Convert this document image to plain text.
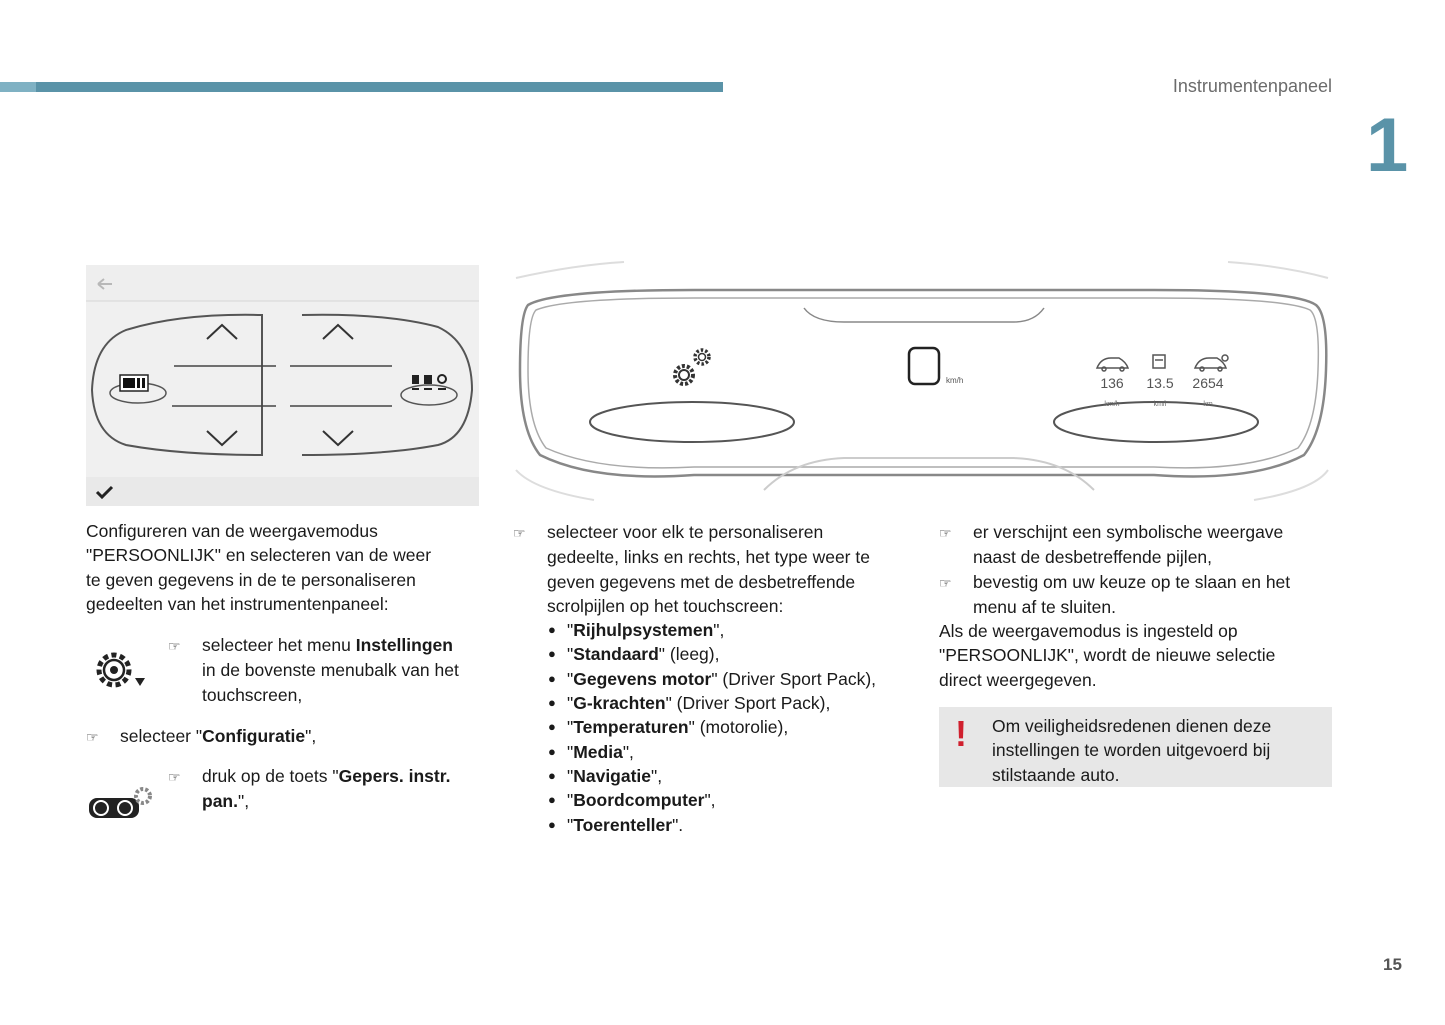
Instrumentenpaneel
1
km/h	136 13.5 2654
km/h	km/l	km
Configureren van de weergavemodus
"PERSOONLIJK" en selecteren van de weer
te geven gegevens in de te personaliseren
gedeelten van het instrumentenpaneel:
☞ selecteer het menu Instellingen
in de bovenste menubalk van het
touchscreen,
☞ selecteer "Configuratie",
☞ druk op de toets "Gepers. instr.
pan.",
☞ selecteer voor elk te personaliseren
gedeelte, links en rechts, het type weer te
geven gegevens met de desbetreffende
scrolpijlen op het touchscreen:
● "Rijhulpsystemen",
● "Standaard" (leeg),
● "Gegevens motor" (Driver Sport Pack),
● "G-krachten" (Driver Sport Pack),
● "Temperaturen" (motorolie),
● "Media",
● "Navigatie",
● "Boordcomputer",
● "Toerenteller".
☞ er verschijnt een symbolische weergave
naast de desbetreffende pijlen,
☞ bevestig om uw keuze op te slaan en het
menu af te sluiten.
Als de weergavemodus is ingesteld op
"PERSOONLIJK", wordt de nieuwe selectie
direct weergegeven.
! Om veiligheidsredenen dienen deze
instellingen te worden uitgevoerd bij
stilstaande auto.
15
